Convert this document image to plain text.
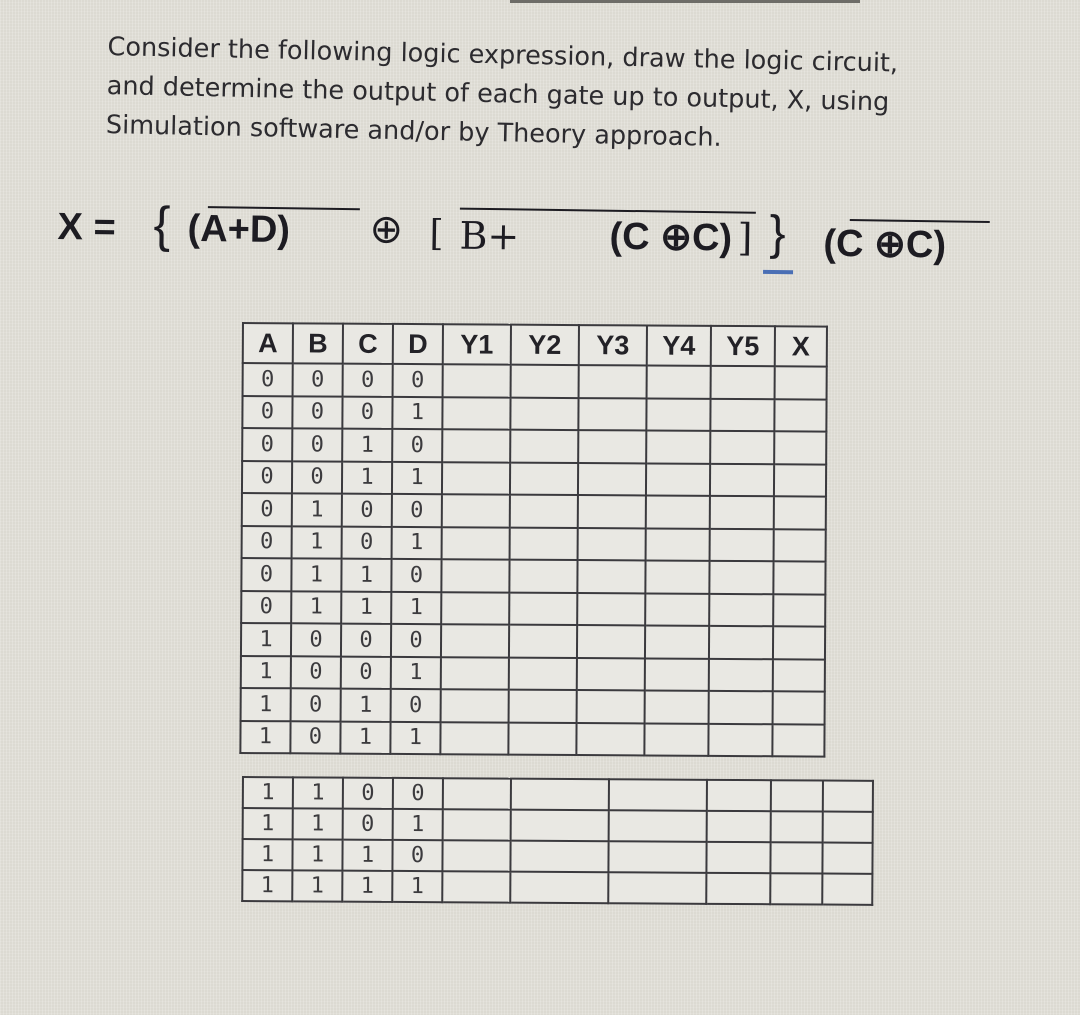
Consider the following logic expression, draw the logic circuit,
and determine the output of each gate up to output, X, using
Simulation software and/or by Theory approach.
X = { (A+D) ⊕ [ B+ (C ⊕C) ] } (C ⊕C)
A	B	C	D	Y1	Y2	Y3	Y4	Y5	X
0	0	0	0						
0	0	0	1						
0	0	1	0						
0	0	1	1						
0	1	0	0						
0	1	0	1						
0	1	1	0						
0	1	1	1						
1	0	0	0						
1	0	0	1						
1	0	1	0						
1	0	1	1						
1	1	0	0						
1	1	0	1						
1	1	1	0						
1	1	1	1						
